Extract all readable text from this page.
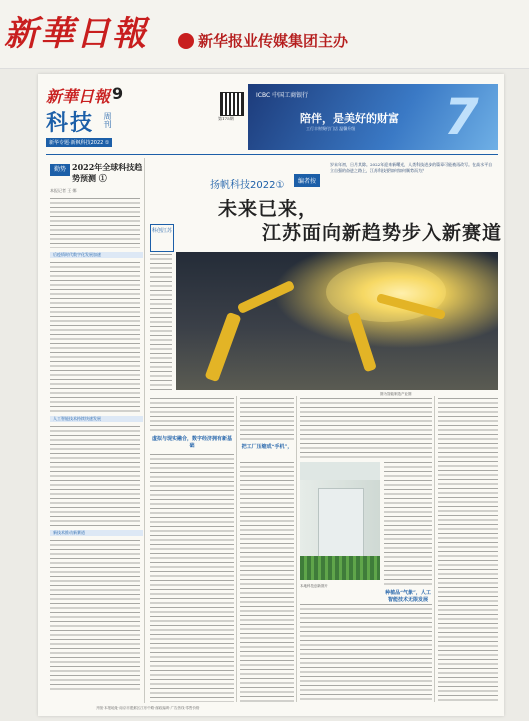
新華日報	新华报业传媒集团主办
新華日報 9
科技 周刊
新华专题·新枫科技2022 ①
第175期
ICBC 中国工商银行
陪伴，是美好的财富
工行丰财聚付门店 温馨升级 7
编者按
岁末年初，日月其除。2022年迎来新曙光，人类科技进步的篇章可能被再改写。在高水平自立自强的奋进之路上，江苏科技要如何如何顺势而为？
勤势 2022年全球科技趋势预测 ①
本报记者 王 娜
后疫情时代数字化发展加速
人工智能技术持续快速发展
新技术推动新赛道
扬帆科技2022①
未来已来，
江苏面向新趋势步入新赛道
科创江苏
图为智能制造产业图
虚拟与现实融合，数字经济拥有新基础	把工厂压缩成“手机”，
本地科技创新图片
种植品“气象”，人工智能技术无限发展
开版·本报地址·南京市建邺区江东中路·邮政编码·广告热线·零售价格
